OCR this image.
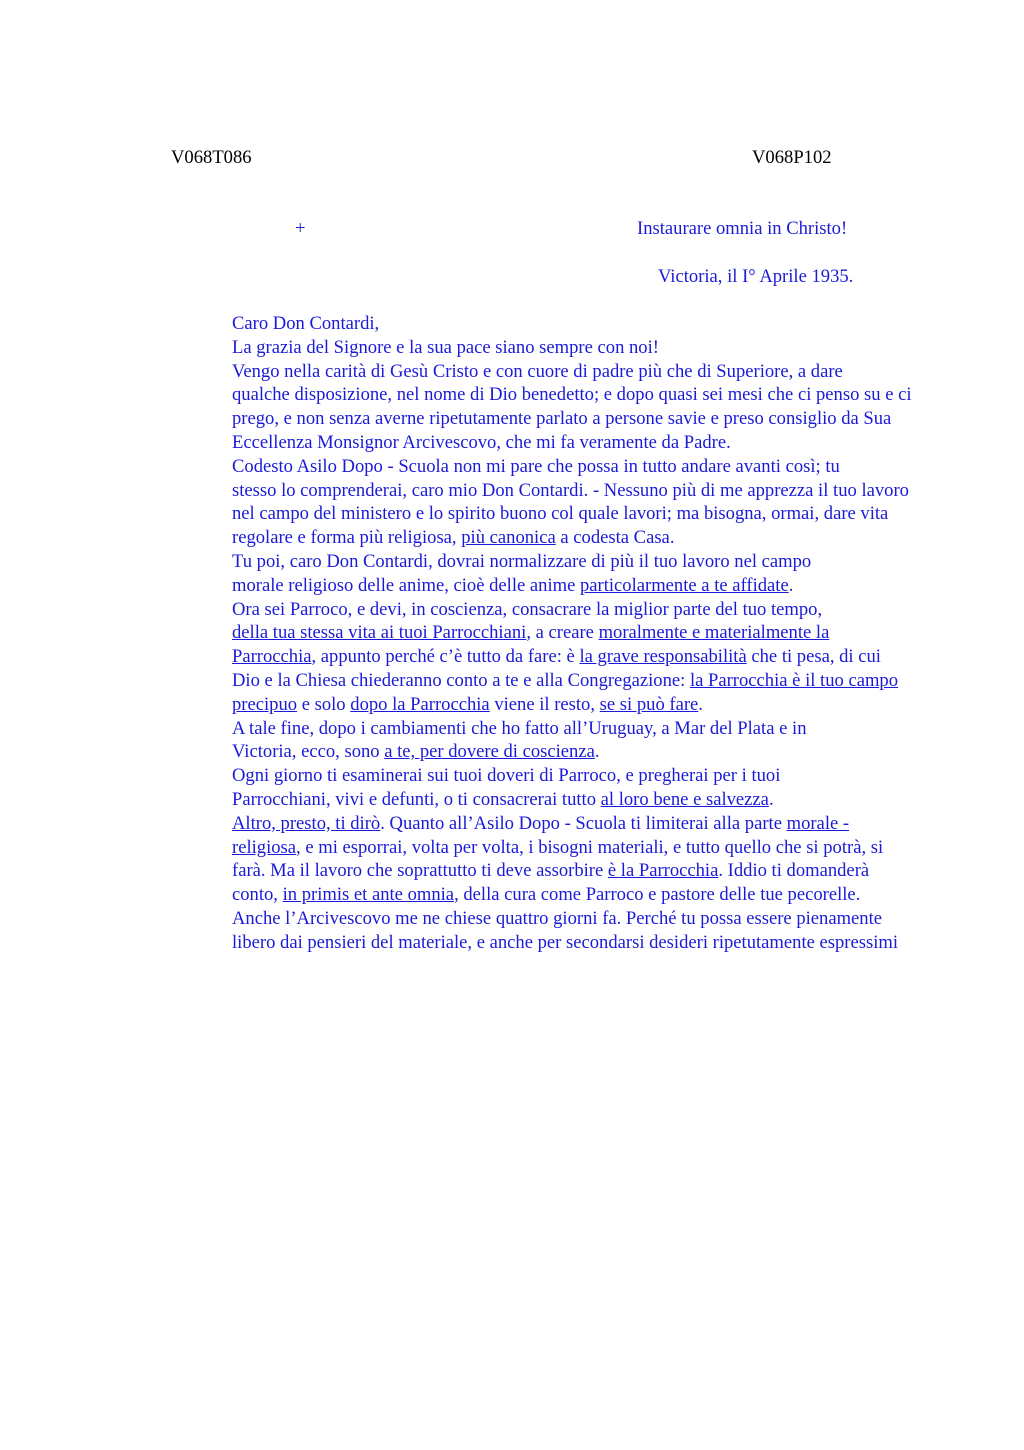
V068T086	V068P102
+	Instaurare omnia in Christo!
Victoria, il I° Aprile 1935.

Caro Don Contardi,

La grazia del Signore e la sua pace siano sempre con noi!

Vengo nella carità di Gesù Cristo e con cuore di padre più che di Superiore, a dare
qualche disposizione, nel nome di Dio benedetto; e dopo quasi sei mesi che ci penso su e ci
prego, e non senza averne ripetutamente parlato a persone savie e preso consiglio da Sua
Eccellenza Monsignor Arcivescovo, che mi fa veramente da Padre.

Codesto Asilo Dopo - Scuola non mi pare che possa in tutto andare avanti così; tu
stesso lo comprenderai, caro mio Don Contardi. - Nessuno più di me apprezza il tuo lavoro
nel campo del ministero e lo spirito buono col quale lavori; ma bisogna, ormai, dare vita
regolare e forma più religiosa, più canonica a codesta Casa.

Tu poi, caro Don Contardi, dovrai normalizzare di più il tuo lavoro nel campo
morale religioso delle anime, cioè delle anime particolarmente a te affidate.

Ora sei Parroco, e devi, in coscienza, consacrare la miglior parte del tuo tempo,
della tua stessa vita ai tuoi Parrocchiani, a creare moralmente e materialmente la
Parrocchia, appunto perché c’è tutto da fare: è la grave responsabilità che ti pesa, di cui
Dio e la Chiesa chiederanno conto a te e alla Congregazione: la Parrocchia è il tuo campo
precipuo e solo dopo la Parrocchia viene il resto, se si può fare.

A tale fine, dopo i cambiamenti che ho fatto all’Uruguay, a Mar del Plata e in
Victoria, ecco, sono a te, per dovere di coscienza.

Ogni giorno ti esaminerai sui tuoi doveri di Parroco, e pregherai per i tuoi
Parrocchiani, vivi e defunti, o ti consacrerai tutto al loro bene e salvezza.

Altro, presto, ti dirò. Quanto all’Asilo Dopo - Scuola ti limiterai alla parte morale -
religiosa, e mi esporrai, volta per volta, i bisogni materiali, e tutto quello che si potrà, si
farà. Ma il lavoro che soprattutto ti deve assorbire è la Parrocchia. Iddio ti domanderà
conto, in primis et ante omnia, della cura come Parroco e pastore delle tue pecorelle.
Anche l’Arcivescovo me ne chiese quattro giorni fa. Perché tu possa essere pienamente
libero dai pensieri del materiale, e anche per secondarsi desideri ripetutamente espressimi
